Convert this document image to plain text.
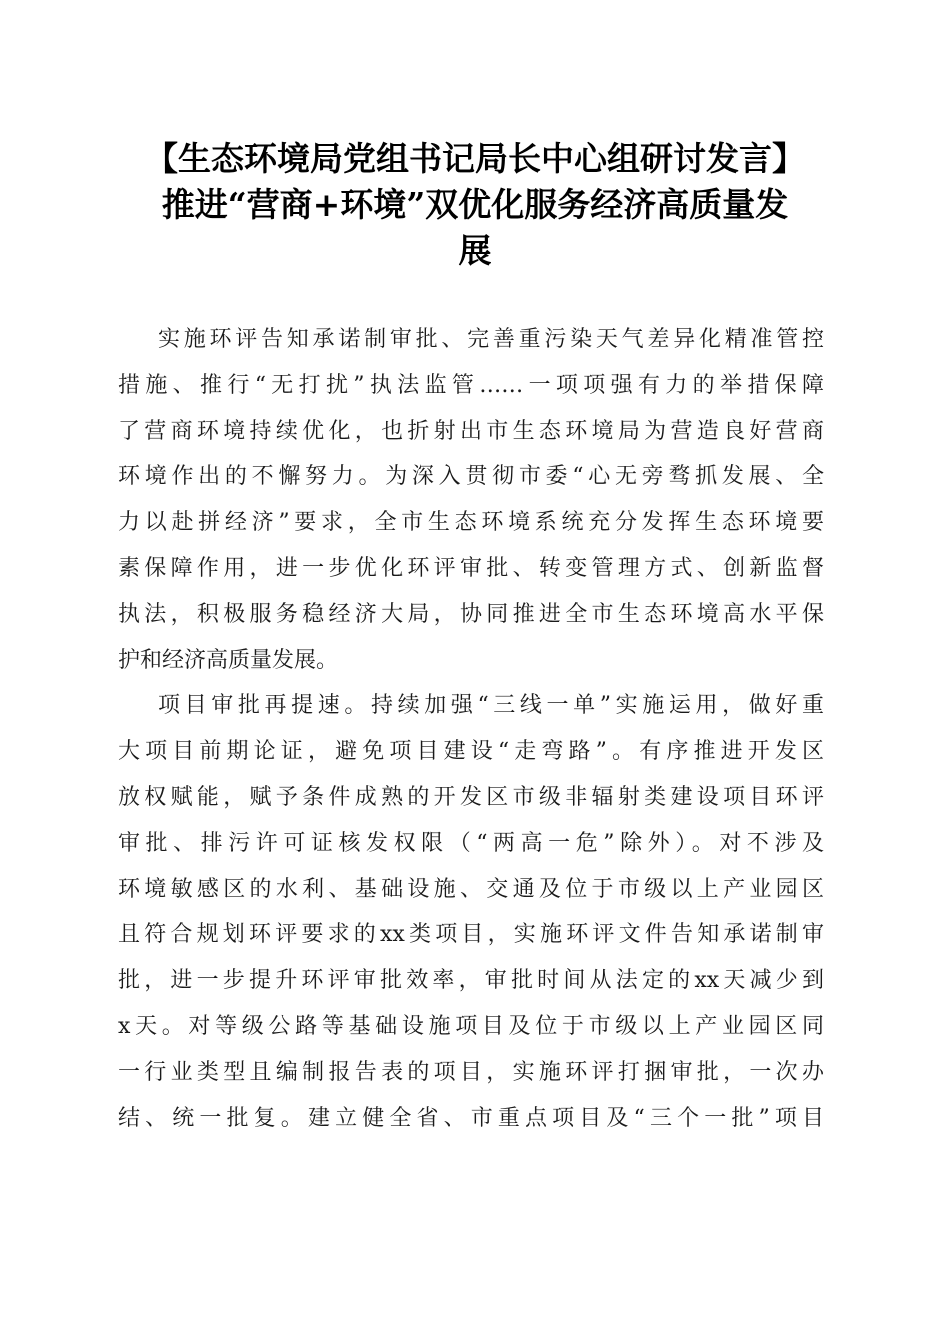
【生态环境局党组书记局长中心组研讨发言】
推进“营商+环境”双优化服务经济高质量发
展
实施环评告知承诺制审批、完善重污染天气差异化精准管控
措施、推行“无打扰”执法监管……一项项强有力的举措保障
了营商环境持续优化，也折射出市生态环境局为营造良好营商
环境作出的不懈努力。为深入贯彻市委“心无旁骛抓发展、全
力以赴拼经济”要求，全市生态环境系统充分发挥生态环境要
素保障作用，进一步优化环评审批、转变管理方式、创新监督
执法，积极服务稳经济大局，协同推进全市生态环境高水平保
护和经济高质量发展。
项目审批再提速。持续加强“三线一单”实施运用，做好重
大项目前期论证，避免项目建设“走弯路”。有序推进开发区
放权赋能，赋予条件成熟的开发区市级非辐射类建设项目环评
审批、排污许可证核发权限（“两高一危”除外）。对不涉及
环境敏感区的水利、基础设施、交通及位于市级以上产业园区
且符合规划环评要求的xx类项目，实施环评文件告知承诺制审
批，进一步提升环评审批效率，审批时间从法定的xx天减少到
x天。对等级公路等基础设施项目及位于市级以上产业园区同
一行业类型且编制报告表的项目，实施环评打捆审批，一次办
结、统一批复。建立健全省、市重点项目及“三个一批”项目
